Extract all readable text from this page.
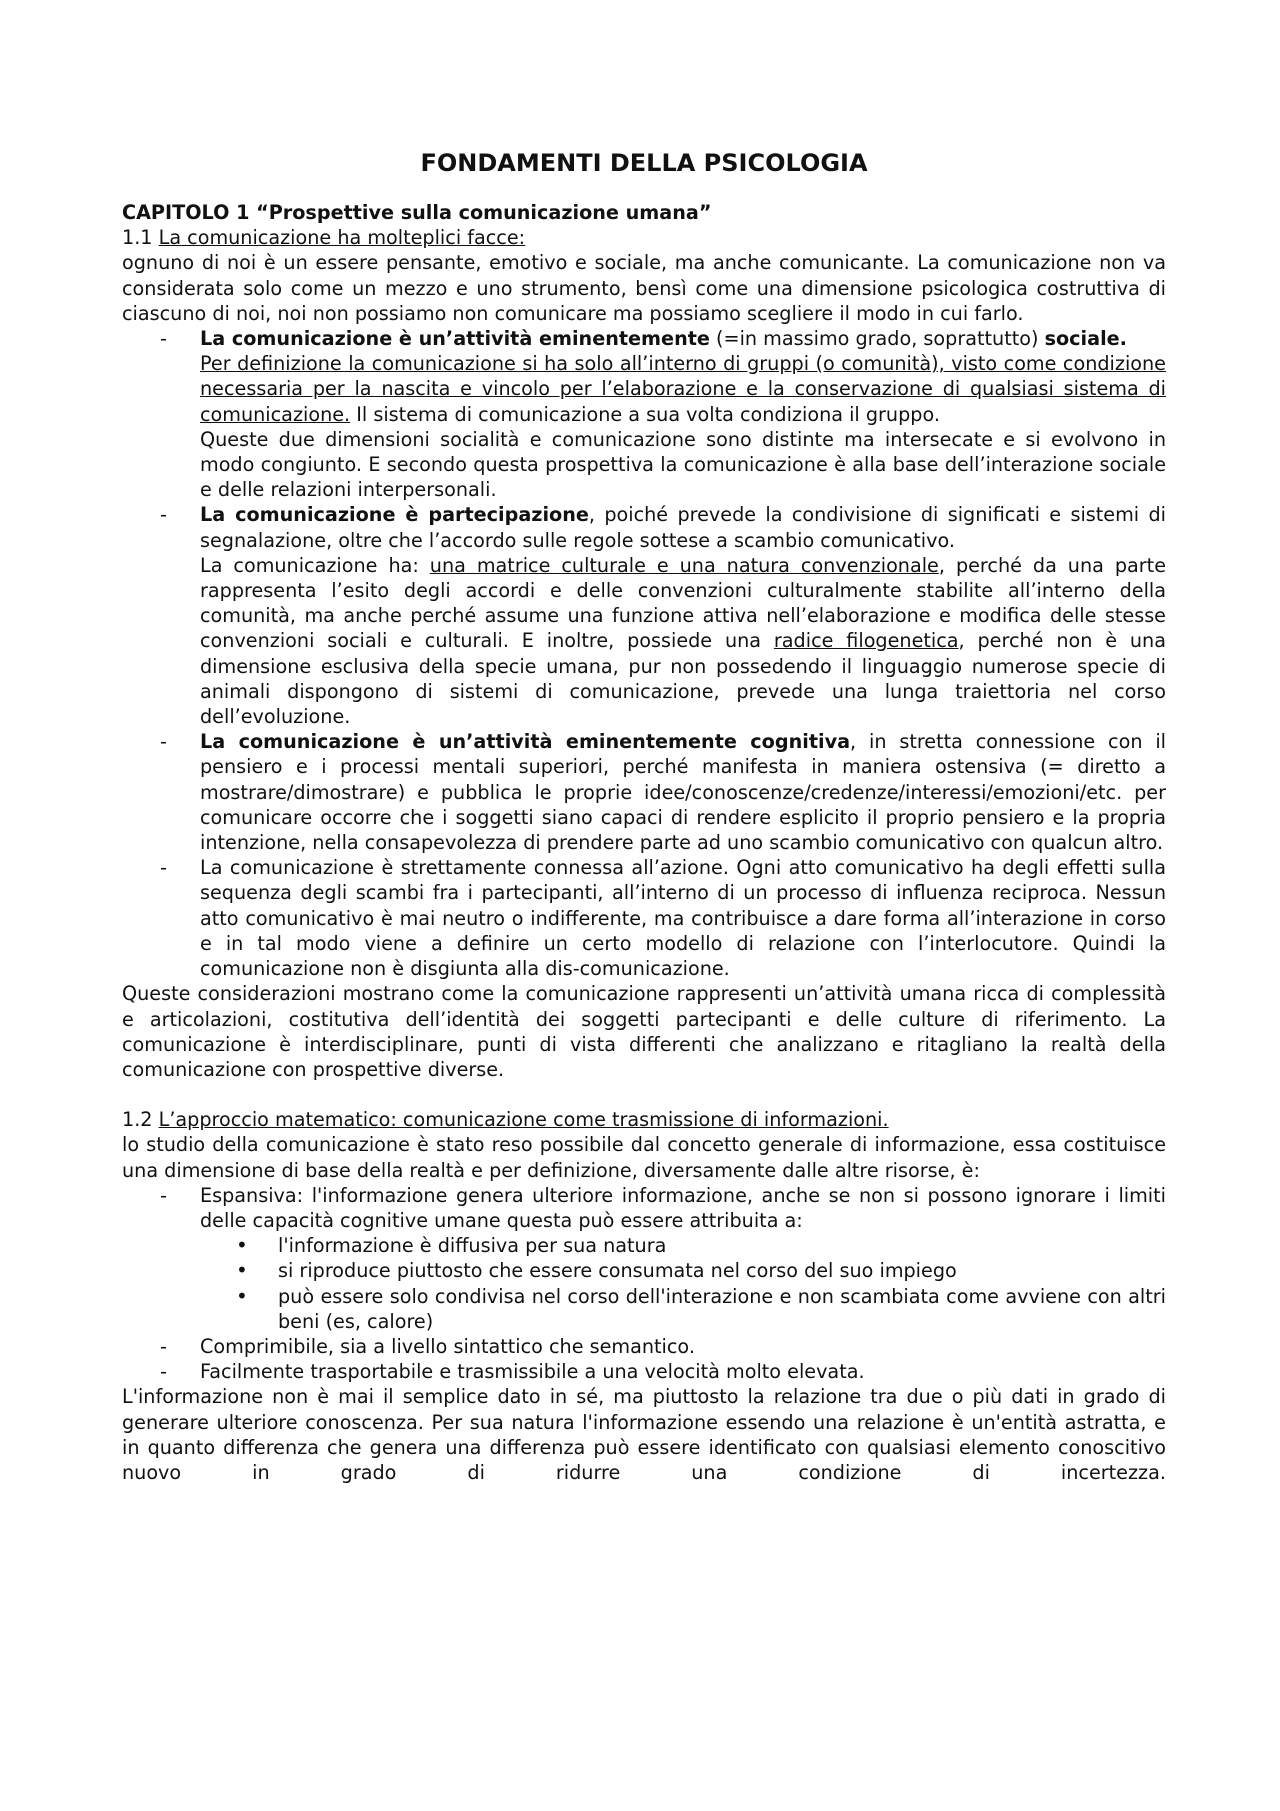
FONDAMENTI DELLA PSICOLOGIA
CAPITOLO 1 “Prospettive sulla comunicazione umana”
1.1 La comunicazione ha molteplici facce:

ognuno di noi è un essere pensante, emotivo e sociale, ma anche comunicante. La comunicazione non va considerata solo come un mezzo e uno strumento, bensì come una dimensione psicologica costruttiva di ciascuno di noi, noi non possiamo non comunicare ma possiamo scegliere il modo in cui farlo.

- La comunicazione è un’attività eminentemente (=in massimo grado, soprattutto) sociale.
Per definizione la comunicazione si ha solo all’interno di gruppi (o comunità), visto come condizione necessaria per la nascita e vincolo per l’elaborazione e la conservazione di qualsiasi sistema di comunicazione. Il sistema di comunicazione a sua volta condiziona il gruppo.
Queste due dimensioni socialità e comunicazione sono distinte ma intersecate e si evolvono in modo congiunto. E secondo questa prospettiva la comunicazione è alla base dell’interazione sociale e delle relazioni interpersonali.
- La comunicazione è partecipazione, poiché prevede la condivisione di significati e sistemi di segnalazione, oltre che l’accordo sulle regole sottese a scambio comunicativo.
La comunicazione ha: una matrice culturale e una natura convenzionale, perché da una parte rappresenta l’esito degli accordi e delle convenzioni culturalmente stabilite all’interno della comunità, ma anche perché assume una funzione attiva nell’elaborazione e modifica delle stesse convenzioni sociali e culturali. E inoltre, possiede una radice filogenetica, perché non è una dimensione esclusiva della specie umana, pur non possedendo il linguaggio numerose specie di animali dispongono di sistemi di comunicazione, prevede una lunga traiettoria nel corso dell’evoluzione.
- La comunicazione è un’attività eminentemente cognitiva, in stretta connessione con il pensiero e i processi mentali superiori, perché manifesta in maniera ostensiva (= diretto a mostrare/dimostrare) e pubblica le proprie idee/conoscenze/credenze/interessi/emozioni/etc. per comunicare occorre che i soggetti siano capaci di rendere esplicito il proprio pensiero e la propria intenzione, nella consapevolezza di prendere parte ad uno scambio comunicativo con qualcun altro.
- La comunicazione è strettamente connessa all’azione. Ogni atto comunicativo ha degli effetti sulla sequenza degli scambi fra i partecipanti, all’interno di un processo di influenza reciproca. Nessun atto comunicativo è mai neutro o indifferente, ma contribuisce a dare forma all’interazione in corso e in tal modo viene a definire un certo modello di relazione con l’interlocutore. Quindi la comunicazione non è disgiunta alla dis-comunicazione.

Queste considerazioni mostrano come la comunicazione rappresenti un’attività umana ricca di complessità e articolazioni, costitutiva dell’identità dei soggetti partecipanti e delle culture di riferimento. La comunicazione è interdisciplinare, punti di vista differenti che analizzano e ritagliano la realtà della comunicazione con prospettive diverse.

1.2 L’approccio matematico: comunicazione come trasmissione di informazioni.

lo studio della comunicazione è stato reso possibile dal concetto generale di informazione, essa costituisce una dimensione di base della realtà e per definizione, diversamente dalle altre risorse, è:

- Espansiva: l'informazione genera ulteriore informazione, anche se non si possono ignorare i limiti delle capacità cognitive umane questa può essere attribuita a:
• l'informazione è diffusiva per sua natura
• si riproduce piuttosto che essere consumata nel corso del suo impiego
• può essere solo condivisa nel corso dell'interazione e non scambiata come avviene con altri beni (es, calore)
- Comprimibile, sia a livello sintattico che semantico.
- Facilmente trasportabile e trasmissibile a una velocità molto elevata.

L'informazione non è mai il semplice dato in sé, ma piuttosto la relazione tra due o più dati in grado di generare ulteriore conoscenza. Per sua natura l'informazione essendo una relazione è un'entità astratta, e in quanto differenza che genera una differenza può essere identificato con qualsiasi elemento conoscitivo nuovo in grado di ridurre una condizione di incertezza.
